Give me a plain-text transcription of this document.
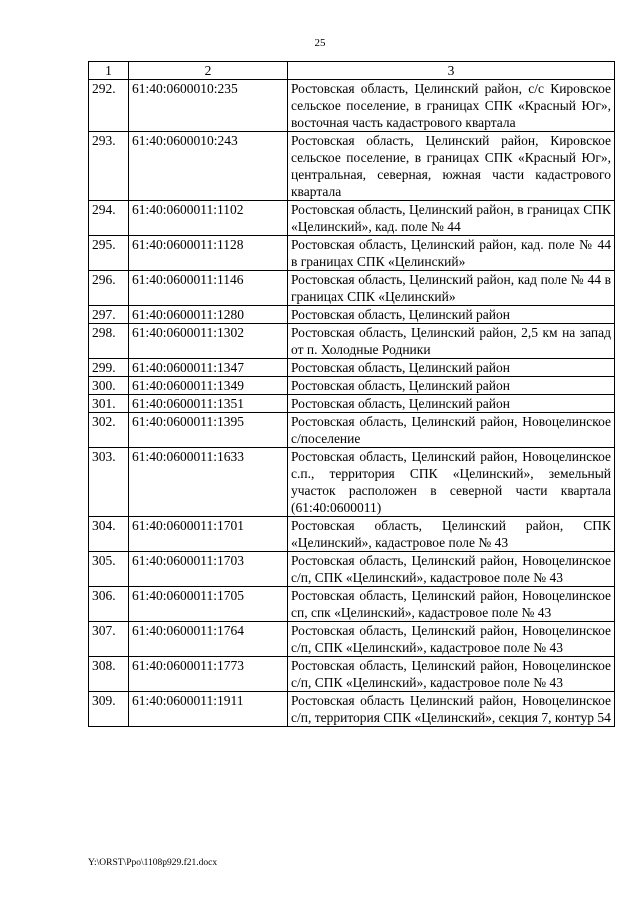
25
1	2	3
292.	61:40:0600010:235	Ростовская область, Целинский район, с/с Кировское сельское поселение, в границах СПК «Красный Юг», восточная часть кадастрового квартала
293.	61:40:0600010:243	Ростовская область, Целинский район, Кировское сельское поселение, в границах СПК «Красный Юг», центральная, северная, южная части кадастрового квартала
294.	61:40:0600011:1102	Ростовская область, Целинский район, в границах СПК «Целинский», кад. поле № 44
295.	61:40:0600011:1128	Ростовская область, Целинский район, кад. поле № 44 в границах СПК «Целинский»
296.	61:40:0600011:1146	Ростовская область, Целинский район, кад поле № 44 в границах СПК «Целинский»
297.	61:40:0600011:1280	Ростовская область, Целинский район
298.	61:40:0600011:1302	Ростовская область, Целинский район, 2,5 км на запад от п. Холодные Родники
299.	61:40:0600011:1347	Ростовская область, Целинский район
300.	61:40:0600011:1349	Ростовская область, Целинский район
301.	61:40:0600011:1351	Ростовская область, Целинский район
302.	61:40:0600011:1395	Ростовская область, Целинский район, Новоцелинское с/поселение
303.	61:40:0600011:1633	Ростовская область, Целинский район, Новоцелинское с.п., территория СПК «Целинский», земельный участок расположен в северной части квартала (61:40:0600011)
304.	61:40:0600011:1701	Ростовская область, Целинский район, СПК «Целинский», кадастровое поле № 43
305.	61:40:0600011:1703	Ростовская область, Целинский район, Новоцелинское с/п, СПК «Целинский», кадастровое поле № 43
306.	61:40:0600011:1705	Ростовская область, Целинский район, Новоцелинское сп, спк «Целинский», кадастровое поле № 43
307.	61:40:0600011:1764	Ростовская область, Целинский район, Новоцелинское с/п, СПК «Целинский», кадастровое поле № 43
308.	61:40:0600011:1773	Ростовская область, Целинский район, Новоцелинское с/п, СПК «Целинский», кадастровое поле № 43
309.	61:40:0600011:1911	Ростовская область Целинский район, Новоцелинское с/п, территория СПК «Целинский», секция 7, контур 54
Y:\ORST\Ppo\1108p929.f21.docx
